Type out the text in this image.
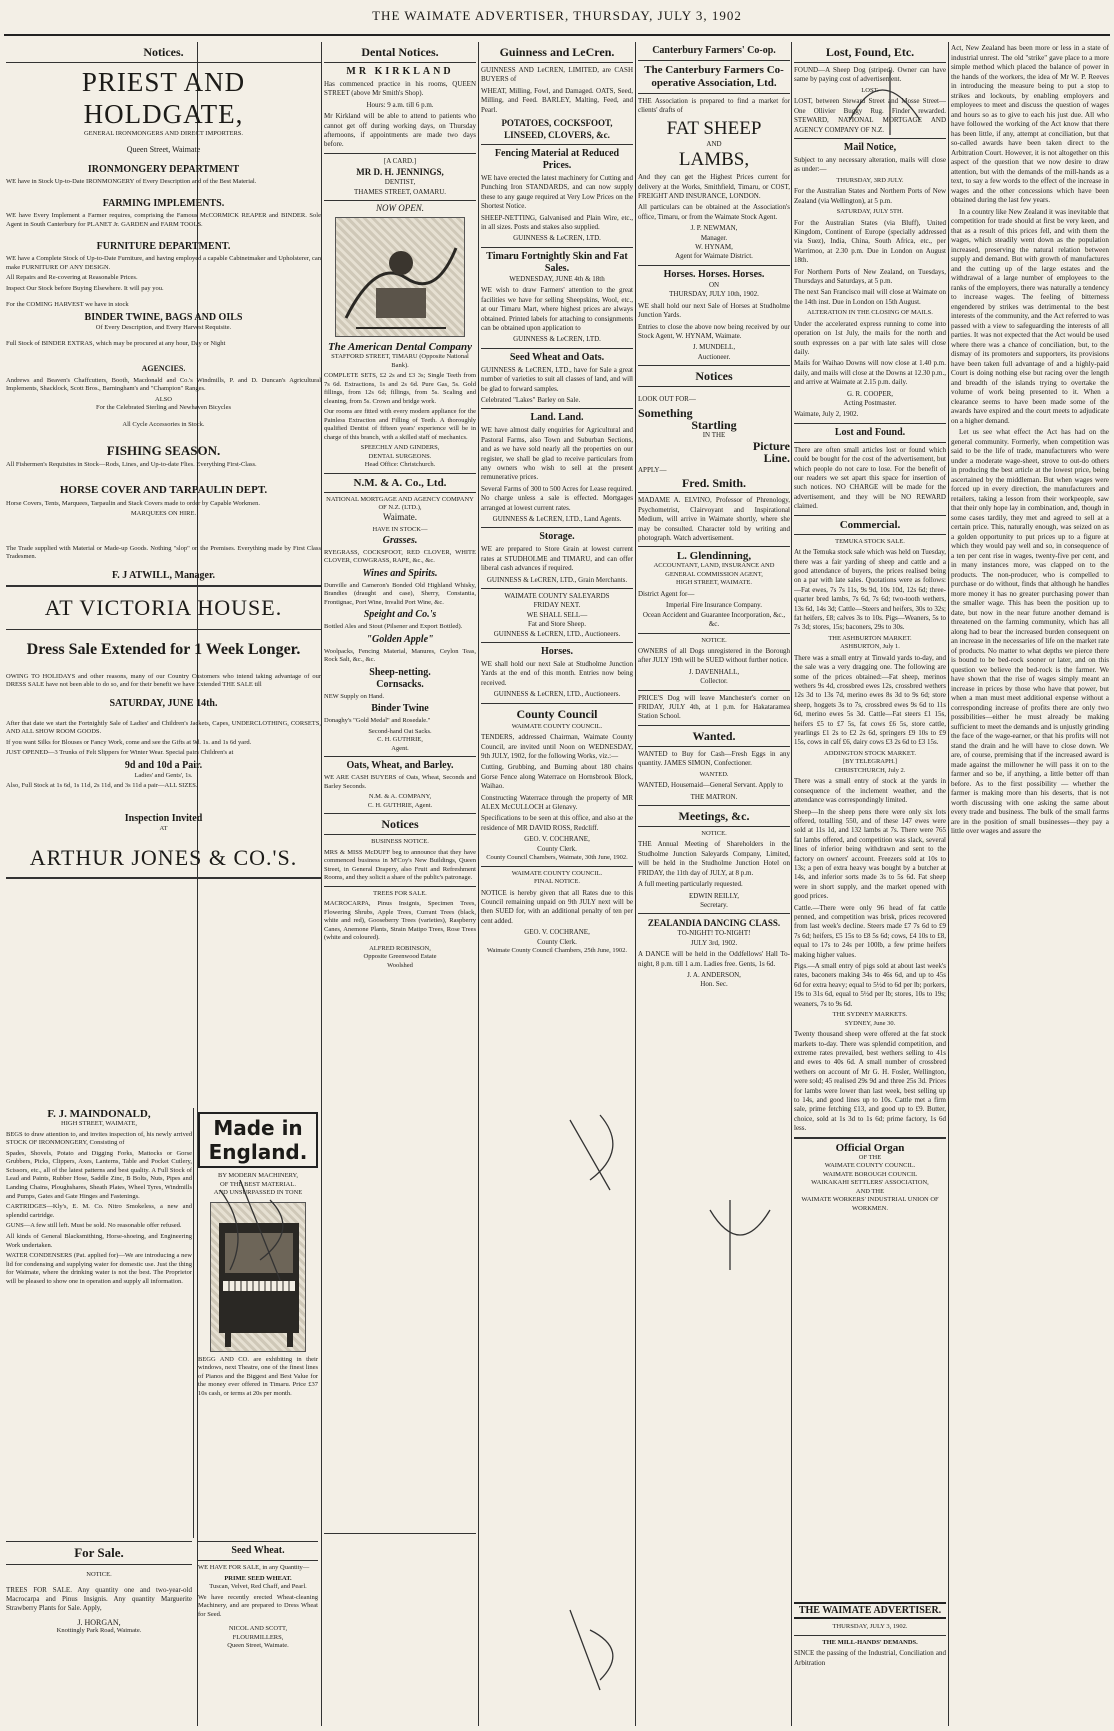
THE WAIMATE ADVERTISER, THURSDAY, JULY 3, 1902
Notices.
PRIEST AND HOLDGATE,
GENERAL IRONMONGERS AND DIRECT IMPORTERS.
Queen Street, Waimate
IRONMONGERY DEPARTMENT
WE have in Stock Up-to-Date IRONMONGERY of Every Description and of the Best Material.
FARMING IMPLEMENTS.
WE have Every Implement a Farmer requires, comprising the Famous McCORMICK REAPER and BINDER. Sole Agent in South Canterbury for PLANET Jr. GARDEN and FARM TOOLS.
FURNITURE DEPARTMENT.
WE have a Complete Stock of Up-to-Date Furniture, and having employed a capable Cabinetmaker and Upholsterer, can make FURNITURE OF ANY DESIGN.
All Repairs and Re-covering at Reasonable Prices.
Inspect Our Stock before Buying Elsewhere. It will pay you.
For the COMING HARVEST we have in stock
BINDER TWINE, BAGS AND OILS
Of Every Description, and Every Harvest Requisite.
Full Stock of BINDER EXTRAS, which may be procured at any hour, Day or Night
AGENCIES.
Andrews and Beaven's Chaffcutters, Booth, Macdonald and Co.'s Windmills, P. and D. Duncan's Agricultural Implements, Shacklock, Scott Bros., Barningham's and "Champion" Ranges.
ALSO
For the Celebrated Sterling and Newhaven Bicycles
All Cycle Accessories in Stock.
FISHING SEASON.
All Fishermen's Requisites in Stock—Rods, Lines, and Up-to-date Flies. Everything First-Class.
HORSE COVER AND TARPAULIN DEPT.
Horse Covers, Tents, Marquees, Tarpaulin and Stack Covers made to order by Capable Workmen.
MARQUEES ON HIRE.
The Trade supplied with Material or Made-up Goods. Nothing "slop" on the Premises. Everything made by First Class Tradesmen.
F. J ATWILL, Manager.
AT VICTORIA HOUSE.
Dress Sale Extended for 1 Week Longer.
OWING TO HOLIDAYS and other reasons, many of our Country Customers who intend taking advantage of our DRESS SALE have not been able to do so, and for their benefit we have Extended THE SALE till
SATURDAY, JUNE 14th.
After that date we start the Fortnightly Sale of Ladies' and Children's Jackets, Capes, UNDERCLOTHING, CORSETS, AND ALL SHOW ROOM GOODS.
If you want Silks for Blouses or Fancy Work, come and see the Gifts at 9d. 1s. and 1s 6d yard.
JUST OPENED—3 Trunks of Felt Slippers for Winter Wear. Special pairs Children's at
9d and 10d a Pair.
Ladies' and Gents', 1s.
Also, Full Stock at 1s 6d, 1s 11d, 2s 11d, and 3s 11d a pair—ALL SIZES.
Inspection Invited
AT
ARTHUR JONES & CO.'S.
F. J. MAINDONALD,
HIGH STREET, WAIMATE,
BEGS to draw attention to, and invites inspection of, his newly arrived STOCK OF IRONMONGERY, Consisting of
Spades, Shovels, Potato and Digging Forks, Mattocks or Gorse Grubbers, Picks, Clippers, Axes, Lanterns, Table and Pocket Cutlery, Scissors, etc., all of the latest patterns and best quality. A Full Stock of Lead and Paints, Rubber Hose, Saddle Zinc, B Bolts, Nuts, Pipes and Landing Chains, Ploughshares, Sheath Plates, Wheel Tyres, Windmills and Pumps, Gates and Gate Hinges and Fastenings.
CARTRIDGES—Kly's, E. M. Co. Nitro Smokeless, a new and splendid cartridge.
GUNS—A few still left. Must be sold. No reasonable offer refused.
All kinds of General Blacksmithing, Horse-shoeing, and Engineering Work undertaken.
WATER CONDENSERS (Pat. applied for)—We are introducing a new lid for condensing and supplying water for domestic use. Just the thing for Waimate, where the drinking water is not the best. The Proprietor will be pleased to show one in operation and supply all information.
Made in England.
BY MODERN MACHINERY,
OF THE BEST MATERIAL.
AND UNSURPASSED IN TONE
BEGG AND CO. are exhibiting in their windows, next Theatre, one of the finest lines of Pianos and the Biggest and Best Value for the money ever offered in Timaru. Price £37 10s cash, or terms at 20s per month.
For Sale.
NOTICE.
TREES FOR SALE. Any quantity one and two-year-old Macrocarpa and Pinus Insignis. Any quantity Marguerite Strawberry Plants for Sale. Apply,
J. HORGAN,
Knottingly Park Road, Waimate.
Seed Wheat.
WE HAVE FOR SALE, in any Quantity—
PRIME SEED WHEAT.
Tuscan, Velvet, Red Chaff, and Pearl.
We have recently erected Wheat-cleaning Machinery, and are prepared to Dress Wheat for Seed.
NICOL AND SCOTT,
FLOURMILLERS,
Queen Street, Waimate.
Dental Notices.
MR KIRKLAND
Has commenced practice in his rooms, QUEEN STREET (above Mr Smith's Shop).
Hours: 9 a.m. till 6 p.m.
Mr Kirkland will be able to attend to patients who cannot get off during working days, on Thursday afternoons, if appointments are made two days before.
[A CARD.]
MR D. H. JENNINGS,
DENTIST,
THAMES STREET, OAMARU.
NOW OPEN.
The American Dental Company
STAFFORD STREET, TIMARU (Opposite National Bank).
COMPLETE SETS, £2 2s and £3 3s; Single Teeth from 7s 6d. Extractions, 1s and 2s 6d. Pure Gas, 5s. Gold fillings, from 12s 6d; fillings, from 5s. Scaling and cleaning, from 5s. Crown and bridge work.
Our rooms are fitted with every modern appliance for the Painless Extraction and Filling of Teeth. A thoroughly qualified Dentist of fifteen years' experience will be in charge of this branch, with a skilled staff of mechanics.
SPEECHLY AND GINDERS,
DENTAL SURGEONS.
Head Office: Christchurch.
N.M. & A. Co., Ltd.
NATIONAL MORTGAGE AND AGENCY COMPANY OF N.Z. (LTD.),
Waimate.
HAVE IN STOCK—
Grasses.
RYEGRASS, COCKSFOOT, RED CLOVER, WHITE CLOVER, COWGRASS, RAPE, &c., &c.
Wines and Spirits.
Dunville and Cameron's Bonded Old Highland Whisky, Brandies (draught and case), Sherry, Constantia, Frontignac, Port Wine, Invalid Port Wine, &c.
Speight and Co.'s
Bottled Ales and Stout (Pilsener and Export Bottled).
"Golden Apple"
Woolpacks, Fencing Material, Manures, Ceylon Teas, Rock Salt, &c., &c.
Sheep-netting.
Cornsacks.
NEW Supply on Hand.
Binder Twine
Donaghy's "Gold Medal" and Rosedale."
Second-hand Oat Sacks.
C. H. GUTHRIE,
Agent.
Oats, Wheat, and Barley.
WE ARE CASH BUYERS of Oats, Wheat, Seconds and Barley Seconds.
N.M. & A. COMPANY,
C. H. GUTHRIE, Agent.
Notices
BUSINESS NOTICE.
MRS & MISS McDUFF beg to announce that they have commenced business in M'Coy's New Buildings, Queen Street, in General Drapery, also Fruit and Refreshment Rooms, and they solicit a share of the public's patronage.
TREES FOR SALE.
MACROCARPA, Pinus Insignis, Specimen Trees, Flowering Shrubs, Apple Trees, Currant Trees (black, white and red), Gooseberry Trees (varieties), Raspberry Canes, Anemone Plants, Strain Matipo Trees, Rose Trees (white and coloured).
ALFRED ROBINSON,
Opposite Greenwood Estate
Woolshed
Guinness and LeCren.
GUINNESS AND LeCREN, LIMITED, are CASH BUYERS of
WHEAT, Milling, Fowl, and Damaged. OATS, Seed, Milling, and Feed. BARLEY, Malting, Feed, and Pearl.
POTATOES, COCKSFOOT, LINSEED, CLOVERS, &c.
Fencing Material at Reduced Prices.
WE have erected the latest machinery for Cutting and Punching Iron STANDARDS, and can now supply these to any gauge required at Very Low Prices on the Shortest Notice.
SHEEP-NETTING, Galvanised and Plain Wire, etc., in all sizes. Posts and stakes also supplied.
GUINNESS & LeCREN, LTD.
Timaru Fortnightly Skin and Fat Sales.
WEDNESDAY, JUNE 4th & 18th
WE wish to draw Farmers' attention to the great facilities we have for selling Sheepskins, Wool, etc., at our Timaru Mart, where highest prices are always obtained. Printed labels for attaching to consignments can be obtained upon application to
GUINNESS & LeCREN, LTD.
Seed Wheat and Oats.
GUINNESS & LeCREN, LTD., have for Sale a great number of varieties to suit all classes of land, and will be glad to forward samples.
Celebrated "Lakes" Barley on Sale.
Land. Land.
WE have almost daily enquiries for Agricultural and Pastoral Farms, also Town and Suburban Sections, and as we have sold nearly all the properties on our register, we shall be glad to receive particulars from any owners who wish to sell at the present remunerative prices.
Several Farms of 300 to 500 Acres for Lease required. No charge unless a sale is effected. Mortgages arranged at lowest current rates.
GUINNESS & LeCREN, LTD., Land Agents.
Storage.
WE are prepared to Store Grain at lowest current rates at STUDHOLME and TIMARU, and can offer liberal cash advances if required.
GUINNESS & LeCREN, LTD., Grain Merchants.
WAIMATE COUNTY SALEYARDS
FRIDAY NEXT.
WE SHALL SELL—
Fat and Store Sheep.
GUINNESS & LeCREN, LTD., Auctioneers.
Horses.
WE shall hold our next Sale at Studholme Junction Yards at the end of this month. Entries now being received.
GUINNESS & LeCREN, LTD., Auctioneers.
County Council
WAIMATE COUNTY COUNCIL.
TENDERS, addressed Chairman, Waimate County Council, are invited until Noon on WEDNESDAY, 9th JULY, 1902, for the following Works, viz.:—
Cutting, Grubbing, and Burning about 180 chains Gorse Fence along Waterrace on Hornsbrook Block, Waihao.
Constructing Waterrace through the property of MR ALEX McCULLOCH at Glenavy.
Specifications to be seen at this office, and also at the residence of MR DAVID ROSS, Redcliff.
GEO. V. COCHRANE,
County Clerk.
County Council Chambers, Waimate, 30th June, 1902.
WAIMATE COUNTY COUNCIL.
FINAL NOTICE.
NOTICE is hereby given that all Rates due to this Council remaining unpaid on 9th JULY next will be then SUED for, with an additional penalty of ten per cent added.
GEO. V. COCHRANE,
County Clerk.
Waimate County Council Chambers, 25th June, 1902.
Canterbury Farmers' Co-op.
The Canterbury Farmers Co-operative Association, Ltd.
THE Association is prepared to find a market for clients' drafts of
FAT SHEEP
AND
LAMBS,
And they can get the Highest Prices current for delivery at the Works, Smithfield, Timaru, or COST, FREIGHT AND INSURANCE, LONDON.
All particulars can be obtained at the Association's office, Timaru, or from the Waimate Stock Agent.
J. P. NEWMAN,
Manager.
W. HYNAM,
Agent for Waimate District.
Horses. Horses. Horses.
ON
THURSDAY, JULY 10th, 1902.
WE shall hold our next Sale of Horses at Studholme Junction Yards.
Entries to close the above now being received by our Stock Agent, W. HYNAM, Waimate.
J. MUNDELL,
Auctioneer.
Notices
LOOK OUT FOR—
Something
Startling
IN THE
Picture
Line.
APPLY—
Fred. Smith.
MADAME A. ELVINO, Professor of Phrenology, Psychometrist, Clairvoyant and Inspirational Medium, will arrive in Waimate shortly, where she may be consulted. Character told by writing and photograph. Watch advertisement.
L. Glendinning,
ACCOUNTANT, LAND, INSURANCE AND
GENERAL COMMISSION AGENT,
HIGH STREET, WAIMATE.
District Agent for—
Imperial Fire Insurance Company.
Ocean Accident and Guarantee Incorporation, &c., &c.
NOTICE.
OWNERS of all Dogs unregistered in the Borough after JULY 19th will be SUED without further notice.
J. DAVENHALL,
Collector.
PRICE'S Dog will leave Manchester's corner on FRIDAY, JULY 4th, at 1 p.m. for Hakataramea Station School.
Wanted.
WANTED to Buy for Cash—Fresh Eggs in any quantity. JAMES SIMON, Confectioner.
WANTED.
WANTED, Housemaid—General Servant. Apply to
THE MATRON.
Meetings, &c.
NOTICE.
THE Annual Meeting of Shareholders in the Studholme Junction Saleyards Company, Limited, will be held in the Studholme Junction Hotel on FRIDAY, the 11th day of JULY, at 8 p.m.
A full meeting particularly requested.
EDWIN REILLY,
Secretary.
ZEALANDIA DANCING CLASS.
TO-NIGHT! TO-NIGHT!
JULY 3rd, 1902.
A DANCE will be held in the Oddfellows' Hall To-night, 8 p.m. till 1 a.m. Ladies free. Gents, 1s 6d.
J. A. ANDERSON,
Hon. Sec.
Lost, Found, Etc.
FOUND—A Sheep Dog (striped). Owner can have same by paying cost of advertisement.
LOST.
LOST, between Steward Street and Mosse Street—One Ollivier Buggy Rug. Finder rewarded. STEWARD, NATIONAL MORTGAGE AND AGENCY COMPANY OF N.Z.
Mail Notice,
Subject to any necessary alteration, mails will close as under:—
THURSDAY, 3RD JULY.
For the Australian States and Northern Ports of New Zealand (via Wellington), at 5 p.m.
SATURDAY, JULY 5TH.
For the Australian States (via Bluff), United Kingdom, Continent of Europe (specially addressed via Suez), India, China, South Africa, etc., per Warrimoo, at 2.30 p.m. Due in London on August 18th.
For Northern Ports of New Zealand, on Tuesdays, Thursdays and Saturdays, at 5 p.m.
The next San Francisco mail will close at Waimate on the 14th inst. Due in London on 15th August.
ALTERATION IN THE CLOSING OF MAILS.
Under the accelerated express running to come into operation on 1st July, the mails for the north and south expresses on a par with late sales will close daily.
Mails for Waihao Downs will now close at 1.40 p.m. daily, and mails will close at the Downs at 12.30 p.m., and arrive at Waimate at 2.15 p.m. daily.
G. R. COOPER,
Acting Postmaster.
Waimate, July 2, 1902.
Lost and Found.
There are often small articles lost or found which could be bought for the cost of the advertisement, but which people do not care to lose. For the benefit of our readers we set apart this space for insertion of such notices. NO CHARGE will be made for the advertisement, and they will be NO REWARD claimed.
Commercial.
TEMUKA STOCK SALE.
At the Temuka stock sale which was held on Tuesday, there was a fair yarding of sheep and cattle and a good attendance of buyers, the prices realised being on a par with late sales. Quotations were as follows:—Fat ewes, 7s 7s 11s, 9s 9d, 10s 10d, 12s 6d; three-quarter bred lambs, 7s 6d, 7s 6d; two-tooth wethers, 13s 6d, 14s 3d; Cattle—Steers and heifers, 30s to 32s; fat heifers, £8; calves 3s to 10s. Pigs—Weaners, 5s to 7s 3d; stores, 15s; baconers, 29s to 30s.
THE ASHBURTON MARKET.
ASHBURTON, July 1.
There was a small entry at Tinwald yards to-day, and the sale was a very dragging one. The following are some of the prices obtained:—Fat sheep, merinos wethers 9s 4d, crossbred ewes 12s, crossbred wethers 12s 3d to 13s 7d, merino ewes 8s 3d to 9s 6d; store sheep, hoggets 3s to 7s, crossbred ewes 9s 6d to 11s 6d, merino ewes 5s 3d. Cattle—Fat steers £1 15s, heifers £5 to £7 5s, fat cows £6 5s, store cattle, yearlings £1 2s to £2 2s 6d, springers £9 10s to £9 15s, cows in calf £6, dairy cows £3 2s 6d to £3 15s.
ADDINGTON STOCK MARKET.
[BY TELEGRAPH.]
CHRISTCHURCH, July 2.
There was a small entry of stock at the yards in consequence of the inclement weather, and the attendance was correspondingly limited.
Sheep—In the sheep pens there were only six lots offered, totalling 550, and of these 147 ewes were sold at 11s 1d, and 132 lambs at 7s. There were 765 fat lambs offered, and competition was slack, several lines of inferior being withdrawn and sent to the factory on owners' account. Freezers sold at 10s to 13s; a pen of extra heavy was bought by a butcher at 14s, and inferior sorts made 3s to 5s 6d. Fat sheep were in short supply, and the market opened with good prices.
Cattle.—There were only 96 head of fat cattle penned, and competition was brisk, prices recovered from last week's decline. Steers made £7 7s 6d to £9 7s 6d; heifers, £5 15s to £8 5s 6d; cows, £4 10s to £8, equal to 17s to 24s per 100lb, a few prime heifers making higher values.
Pigs.—A small entry of pigs sold at about last week's rates, baconers making 34s to 46s 6d, and up to 45s 6d for extra heavy; equal to 5½d to 6d per lb; porkers, 19s to 31s 6d, equal to 5½d per lb; stores, 10s to 19s; weaners, 7s to 9s 6d.
THE SYDNEY MARKETS.
SYDNEY, June 30.
Twenty thousand sheep were offered at the fat stock markets to-day. There was splendid competition, and extreme rates prevailed, best wethers selling to 41s and ewes to 40s 6d. A small number of crossbred wethers on account of Mr G. H. Fosler, Wellington, were sold; 45 realised 29s 9d and three 25s 3d. Prices for lambs were lower than last week, best selling up to 14s, and good lines up to 10s. Cattle met a firm sale, prime fetching £13, and good up to £9. Butter, choice, sold at 1s 3d to 1s 6d; prime factory, 1s 6d less.
Official Organ
OF THE
WAIMATE COUNTY COUNCIL.
WAIMATE BOROUGH COUNCIL
WAIKAKAHI SETTLERS' ASSOCIATION,
AND THE
WAIMATE WORKERS' INDUSTRIAL UNION OF WORKMEN.
Act, New Zealand has been more or less in a state of industrial unrest. The old "strike" gave place to a more simple method which placed the balance of power in the hands of the workers, the idea of Mr W. P. Reeves in introducing the measure being to put a stop to strikes and lockouts, by enabling employers and employees to meet and discuss the question of wages and hours so as to give to each his just due. All who have followed the working of the Act know that there has been little, if any, attempt at conciliation, but that so-called awards have been taken direct to the Arbitration Court. However, it is not altogether on this aspect of the question that we now desire to draw attention, but with the demands of the mill-hands as a text, to say a few words to the effect of the increase in wages and the other concessions which have been obtained during the last few years.
In a country like New Zealand it was inevitable that competition for trade should at first be very keen, and that as a result of this prices fell, and with them the wages, which steadily went down as the population increased, preserving the natural relation between supply and demand. But with growth of manufactures and the cutting up of the large estates and the withdrawal of a large number of employees to the ranks of the employers, there was naturally a tendency to increase wages. The feeling of bitterness engendered by strikes was detrimental to the best interests of the community, and the Act referred to was passed with a view to safeguarding the interests of all parties. It was not expected that the Act would be used where there was a chance of conciliation, but, to the dismay of its promoters and supporters, its provisions have been taken full advantage of and a highly-paid Court is doing nothing else but racing over the length and breadth of the islands trying to overtake the volume of work being presented to it. When a clearance seems to have been made some of the awards have expired and the court meets to adjudicate on a higher demand.
Let us see what effect the Act has had on the general community. Formerly, when competition was said to be the life of trade, manufacturers who were under a moderate wage-sheet, strove to out-do others in producing the best article at the lowest price, being ascertained by the middleman. But when wages were forced up in every direction, the manufacturers and retailers, taking a lesson from their workpeople, saw that their only hope lay in combination, and, though in some cases tardily, they met and agreed to sell at a certain price. This, naturally enough, was seized on as a golden opportunity to put prices up to a figure at which they would pay well and so, in consequence of a ten per cent rise in wages, twenty-five per cent, and in many instances more, was clapped on to the products. The non-producer, who is compelled to purchase or do without, finds that although he handles more money it has no greater purchasing power than the smaller wage. This has been the position up to date, but now in the near future another demand is threatened on the farming community, which has all along had to bear the increased burden consequent on an increase in the necessaries of life on the market rate of products. No matter to what depths we pierce there is bound to be bed-rock sooner or later, and on this question we believe the bed-rock is the farmer. We have shown that the rise of wages simply meant an increase in prices by those who have that power, but when a man must meet additional expense without a corresponding increase of profits there are only two possibilities—either he must already be making sufficient to meet the demands and is unjustly grinding the face of the wage-earner, or that his profits will not stand the drain and he will have to close down. We are, of course, premising that if the increased award is made against the millowner he will pass it on to the farmer and so be, if anything, a little better off than before. As to the first possibility — whether the farmer is making more than his deserts, that is not worth discussing with one asking the same about every trade and business. The bulk of the small farms are in the position of small businesses—they pay a little over wages and assure the
THE WAIMATE ADVERTISER.
THURSDAY, JULY 3, 1902.
THE MILL-HANDS' DEMANDS.
SINCE the passing of the Industrial, Conciliation and Arbitration
